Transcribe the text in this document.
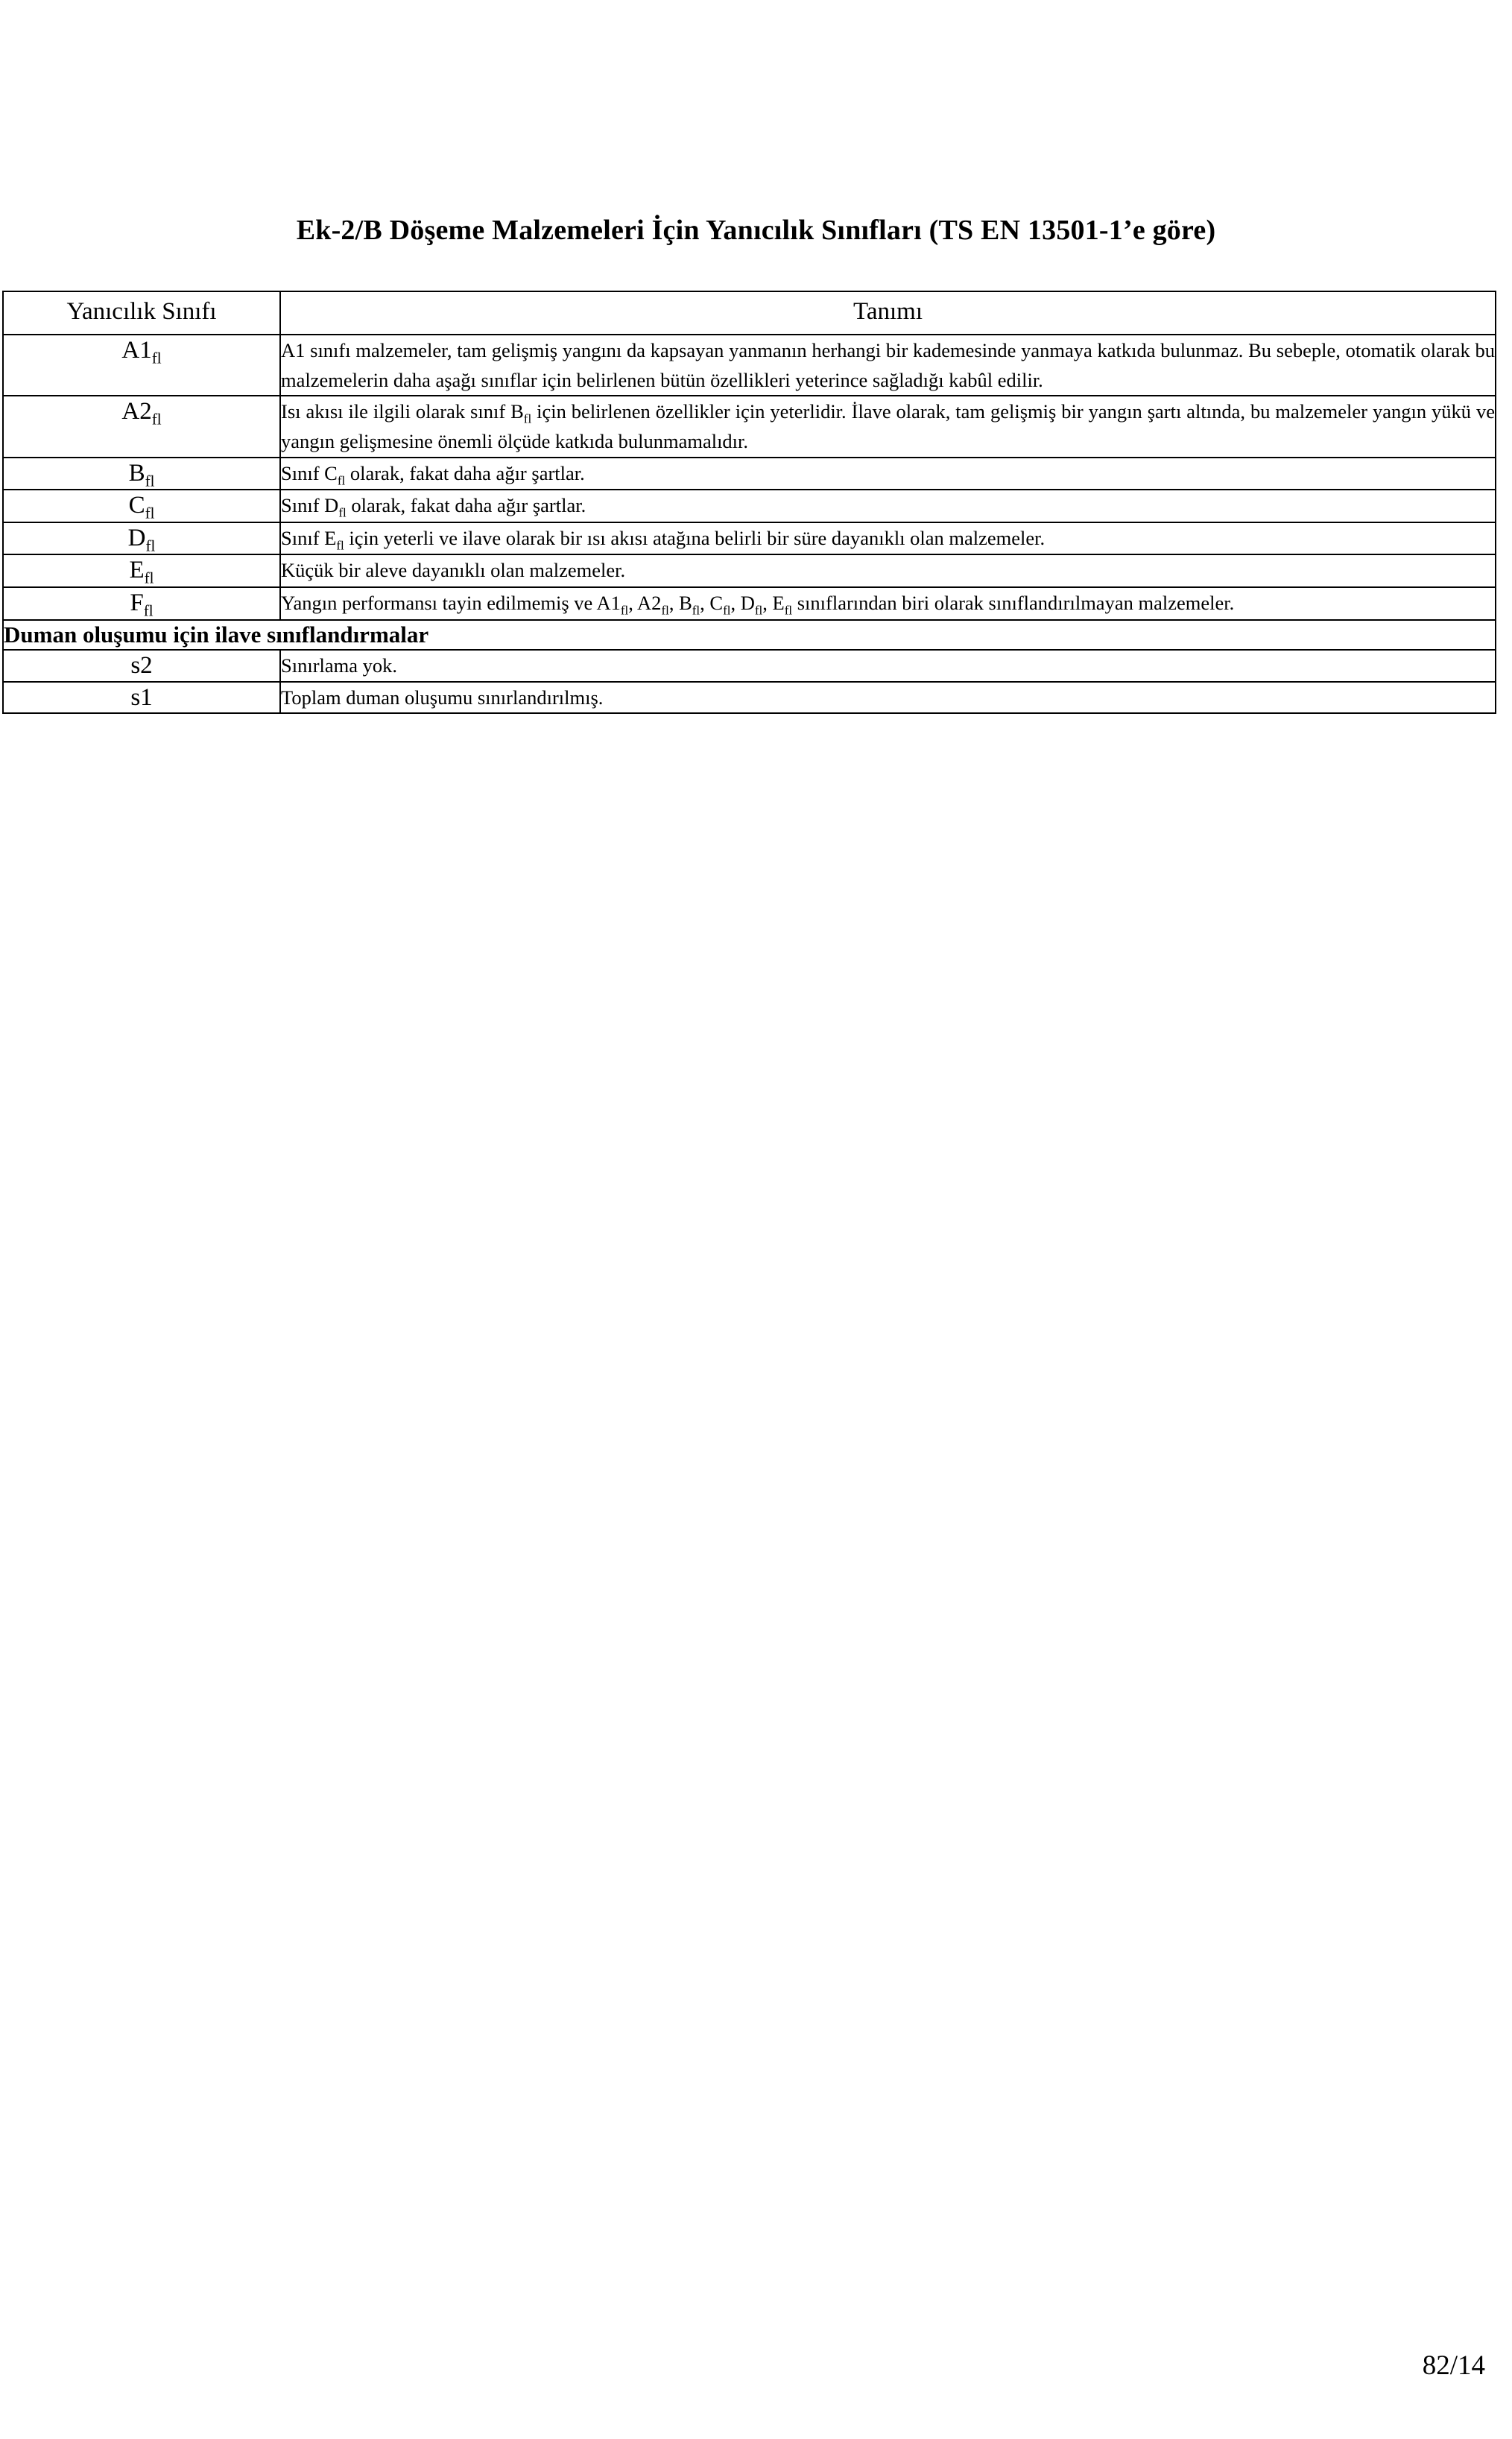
Ek-2/B Döşeme Malzemeleri İçin Yanıcılık Sınıfları (TS EN 13501-1’e göre)
Yanıcılık Sınıfı	Tanımı
$A1_{fl}$	A1 sınıfı malzemeler, tam gelişmiş yangını da kapsayan yanmanın herhangi bir kademesinde yanmaya katkıda bulunmaz. Bu sebeple, otomatik olarak bu malzemelerin daha aşağı sınıflar için belirlenen bütün özellikleri yeterince sağladığı kabûl edilir.
$A2_{fl}$	Isı akısı ile ilgili olarak sınıf $B_{fl}$ için belirlenen özellikler için yeterlidir. İlave olarak, tam gelişmiş bir yangın şartı altında, bu malzemeler yangın yükü ve yangın gelişmesine önemli ölçüde katkıda bulunmamalıdır.
$B_{fl}$	Sınıf $C_{fl}$ olarak, fakat daha ağır şartlar.
$C_{fl}$	Sınıf $D_{fl}$ olarak, fakat daha ağır şartlar.
$D_{fl}$	Sınıf $E_{fl}$ için yeterli ve ilave olarak bir ısı akısı atağına belirli bir süre dayanıklı olan malzemeler.
$E_{fl}$	Küçük bir aleve dayanıklı olan malzemeler.
$F_{fl}$	Yangın performansı tayin edilmemiş ve $A1_{fl}$, $A2_{fl}$, $B_{fl}$, $C_{fl}$, $D_{fl}$, $E_{fl}$ sınıflarından biri olarak sınıflandırılmayan malzemeler.
Duman oluşumu için ilave sınıflandırmalar	
s2	Sınırlama yok.
s1	Toplam duman oluşumu sınırlandırılmış.
82/14
